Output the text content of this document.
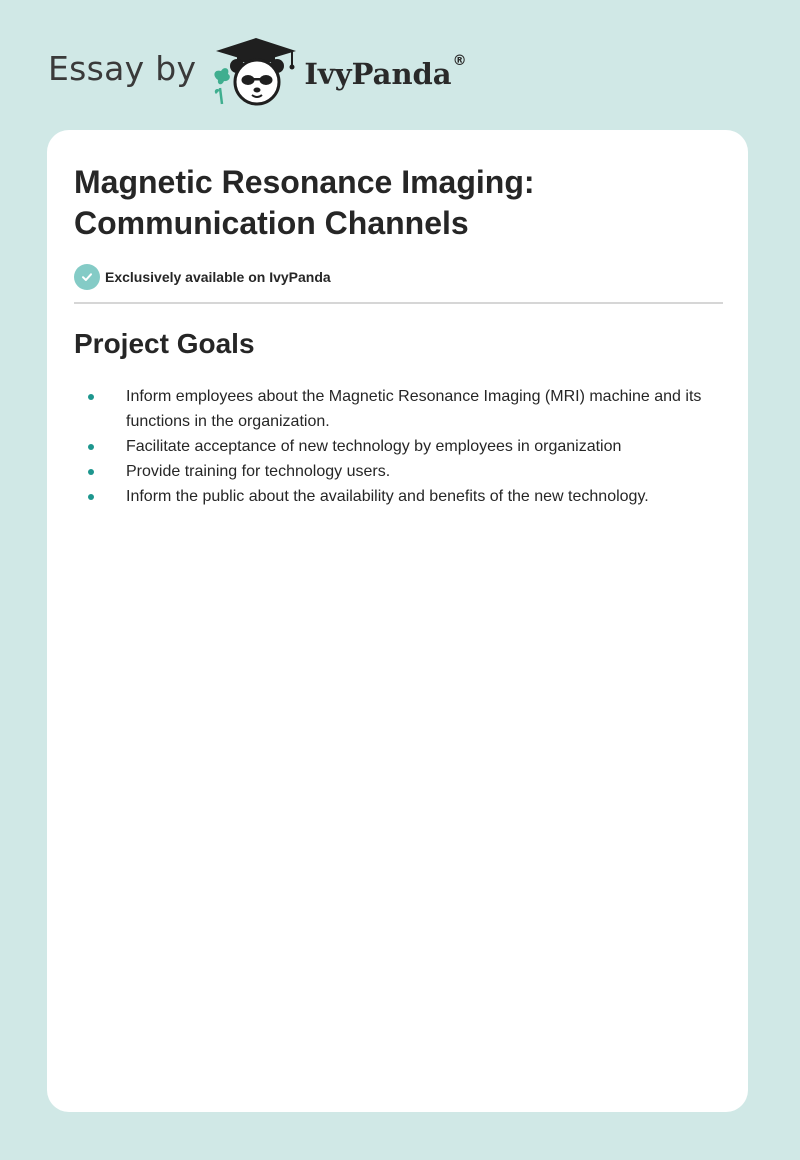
Essay by	IvyPanda ®
Magnetic Resonance Imaging: Communication Channels
Exclusively available on IvyPanda
Project Goals
Inform employees about the Magnetic Resonance Imaging (MRI) machine and its functions in the organization.
Facilitate acceptance of new technology by employees in organization
Provide training for technology users.
Inform the public about the availability and benefits of the new technology.
